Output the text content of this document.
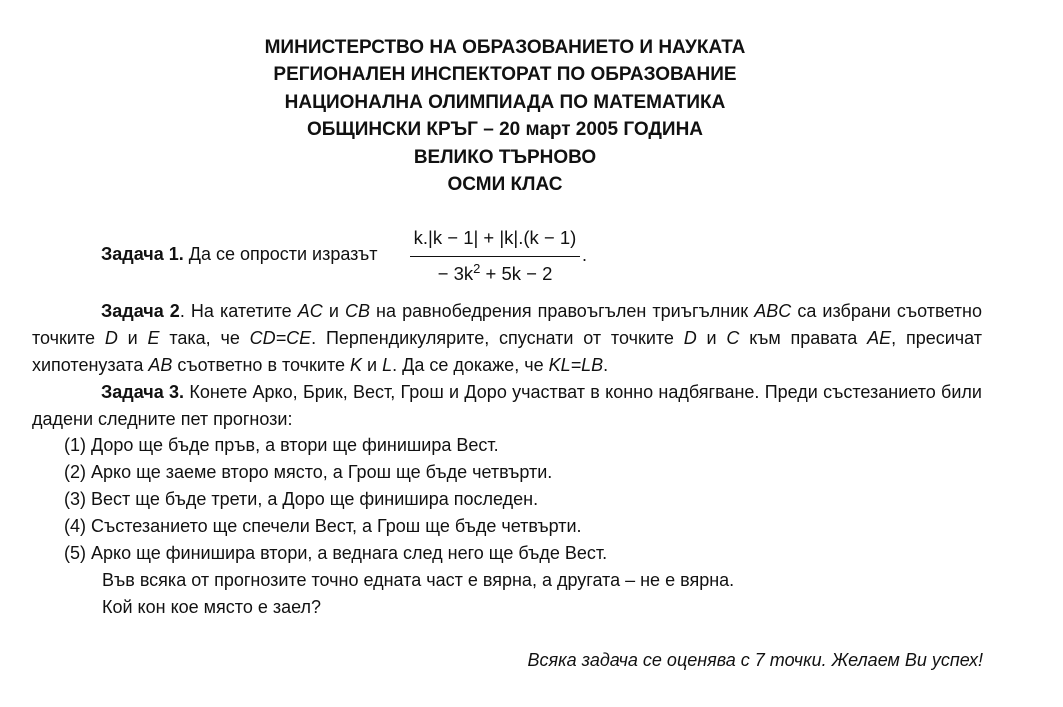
МИНИСТЕРСТВО НА ОБРАЗОВАНИЕТО И НАУКАТА
РЕГИОНАЛЕН ИНСПЕКТОРАТ ПО ОБРАЗОВАНИЕ
НАЦИОНАЛНА ОЛИМПИАДА ПО МАТЕМАТИКА
ОБЩИНСКИ КРЪГ – 20 март 2005 ГОДИНА
ВЕЛИКО ТЪРНОВО
ОСМИ КЛАС
Задача 1. Да се опрости изразът
k.|k − 1| + |k|.(k − 1)
− $3k^2 + 5k - 2$
.
Задача 2. На катетите AC и CB на равнобедрения правоъгълен триъгълник ABC са избрани съответно точките D и E така, че CD=CE. Перпендикулярите, спуснати от точките D и C към правата AE, пресичат хипотенузата AB съответно в точките K и L. Да се докаже, че KL=LB.
Задача 3. Конете Арко, Брик, Вест, Грош и Доро участват в конно надбягване. Преди състезанието били дадени следните пет прогнози:
(1) Доро ще бъде пръв, а втори ще финишира Вест.
(2) Арко ще заеме второ място, а Грош ще бъде четвърти.
(3) Вест ще бъде трети, а Доро ще финишира последен.
(4) Състезанието ще спечели Вест, а Грош ще бъде четвърти.
(5) Арко ще финишира втори, а веднага след него ще бъде Вест.
Във всяка от прогнозите точно едната част е вярна, а другата – не е вярна.
Кой кон кое място е заел?
Всяка задача се оценява с 7 точки. Желаем Ви успех!
